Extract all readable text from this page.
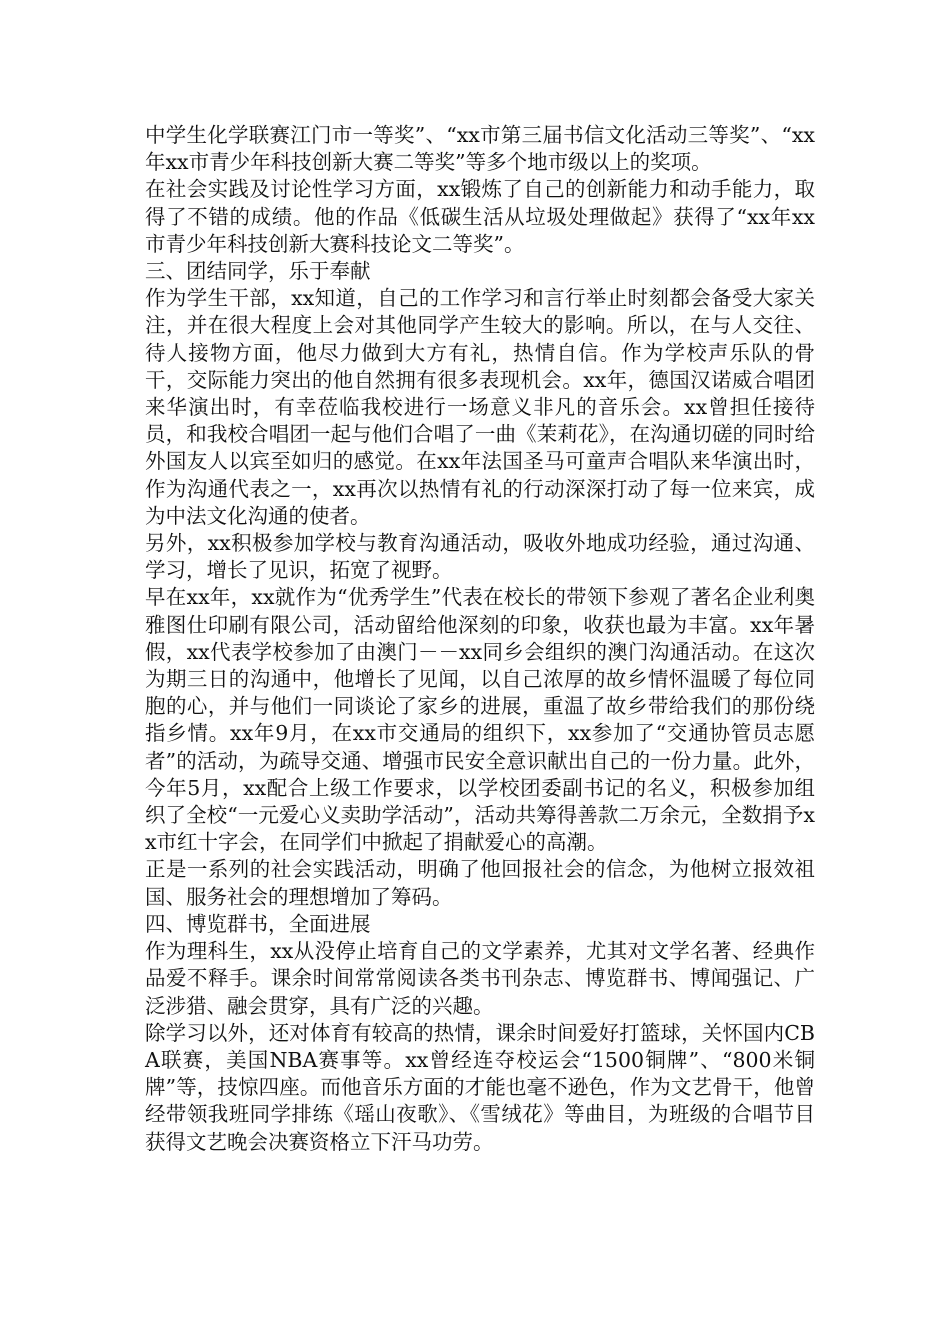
中学生化学联赛江门市一等奖”、“xx市第三届书信文化活动三等奖”、“xx年xx市青少年科技创新大赛二等奖”等多个地市级以上的奖项。

在社会实践及讨论性学习方面，xx锻炼了自己的创新能力和动手能力，取得了不错的成绩。他的作品《低碳生活从垃圾处理做起》获得了“xx年xx市青少年科技创新大赛科技论文二等奖”。

三、团结同学，乐于奉献

作为学生干部，xx知道，自己的工作学习和言行举止时刻都会备受大家关注，并在很大程度上会对其他同学产生较大的影响。所以，在与人交往、待人接物方面，他尽力做到大方有礼，热情自信。作为学校声乐队的骨干，交际能力突出的他自然拥有很多表现机会。xx年，德国汉诺威合唱团来华演出时，有幸莅临我校进行一场意义非凡的音乐会。xx曾担任接待员，和我校合唱团一起与他们合唱了一曲《茉莉花》，在沟通切磋的同时给外国友人以宾至如归的感觉。在xx年法国圣马可童声合唱队来华演出时，作为沟通代表之一，xx再次以热情有礼的行动深深打动了每一位来宾，成为中法文化沟通的使者。

另外，xx积极参加学校与教育沟通活动，吸收外地成功经验，通过沟通、学习，增长了见识，拓宽了视野。

早在xx年，xx就作为“优秀学生”代表在校长的带领下参观了著名企业利奥雅图仕印刷有限公司，活动留给他深刻的印象，收获也最为丰富。xx年暑假，xx代表学校参加了由澳门－－xx同乡会组织的澳门沟通活动。在这次为期三日的沟通中，他增长了见闻，以自己浓厚的故乡情怀温暖了每位同胞的心，并与他们一同谈论了家乡的进展，重温了故乡带给我们的那份绕指乡情。xx年9月，在xx市交通局的组织下，xx参加了“交通协管员志愿者”的活动，为疏导交通、增强市民安全意识献出自己的一份力量。此外，今年5月，xx配合上级工作要求，以学校团委副书记的名义，积极参加组织了全校“一元爱心义卖助学活动”，活动共筹得善款二万余元，全数捐予xx市红十字会，在同学们中掀起了捐献爱心的高潮。

正是一系列的社会实践活动，明确了他回报社会的信念，为他树立报效祖国、服务社会的理想增加了筹码。

四、博览群书，全面进展

作为理科生，xx从没停止培育自己的文学素养，尤其对文学名著、经典作品爱不释手。课余时间常常阅读各类书刊杂志、博览群书、博闻强记、广泛涉猎、融会贯穿，具有广泛的兴趣。

除学习以外，还对体育有较高的热情，课余时间爱好打篮球，关怀国内CBA联赛，美国NBA赛事等。xx曾经连夺校运会“1500铜牌”、“800米铜牌”等，技惊四座。而他音乐方面的才能也毫不逊色，作为文艺骨干，他曾经带领我班同学排练《瑶山夜歌》、《雪绒花》等曲目，为班级的合唱节目获得文艺晚会决赛资格立下汗马功劳。
